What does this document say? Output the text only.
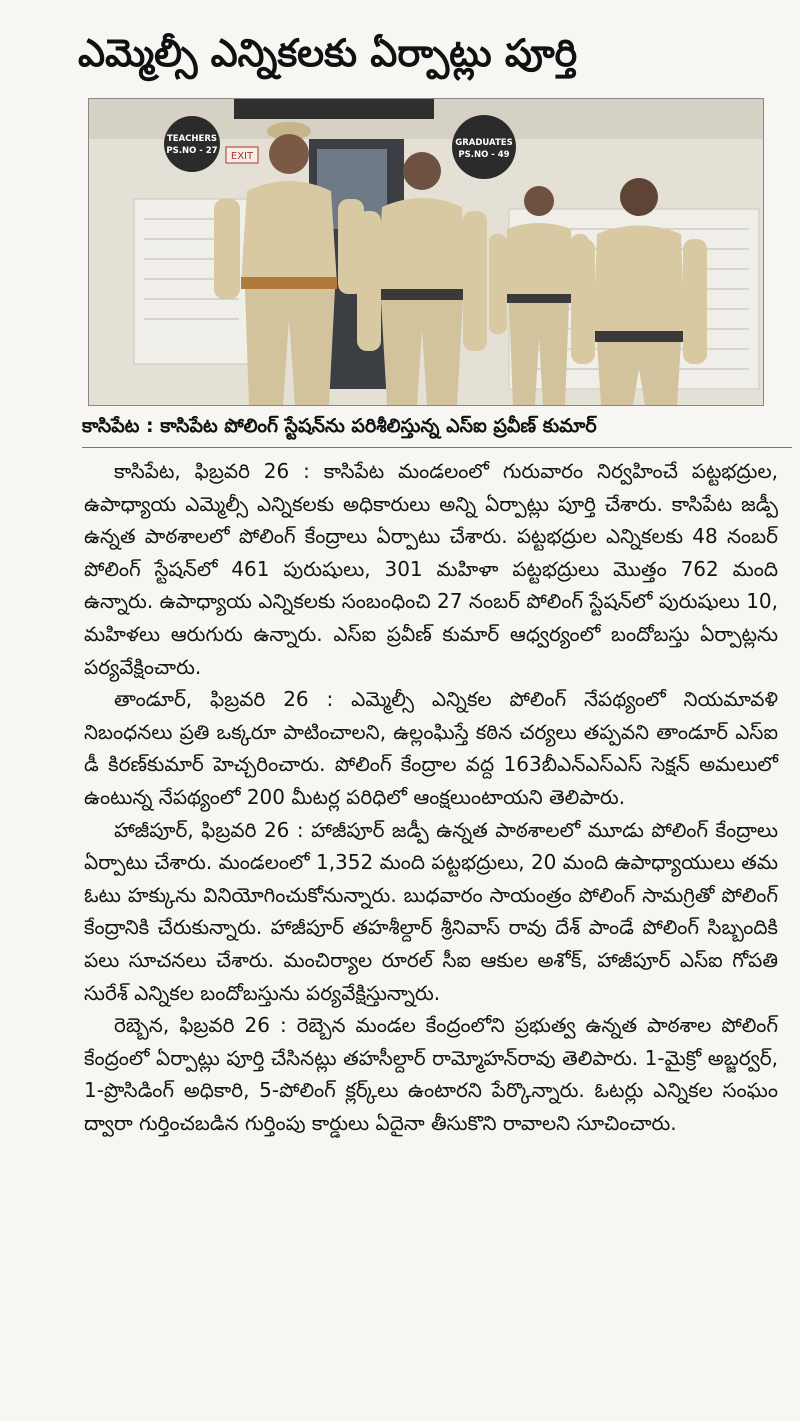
ఎమ్మెల్సీ ఎన్నికలకు ఏర్పాట్లు పూర్తి
EXIT
TEACHERS
PS.NO - 27
GRADUATES
PS.NO - 49
కాసిపేట : కాసిపేట పోలింగ్ స్టేషన్‌ను పరిశీలిస్తున్న ఎస్ఐ ప్రవీణ్ కుమార్

కాసిపేట, ఫిబ్రవరి 26 : కాసిపేట మండలంలో గురువారం నిర్వహించే పట్టభద్రుల, ఉపాధ్యాయ ఎమ్మెల్సీ ఎన్నికలకు అధికారులు అన్ని ఏర్పాట్లు పూర్తి చేశారు. కాసిపేట జడ్పీ ఉన్నత పాఠశాలలో పోలింగ్ కేంద్రాలు ఏర్పాటు చేశారు. పట్టభద్రుల ఎన్నికలకు 48 నంబర్ పోలింగ్ స్టేషన్‌లో 461 పురుషులు, 301 మహిళా పట్టభద్రులు మొత్తం 762 మంది ఉన్నారు. ఉపాధ్యాయ ఎన్నికలకు సంబంధించి 27 నంబర్ పోలింగ్ స్టేషన్‌లో పురుషులు 10, మహిళలు ఆరుగురు ఉన్నారు. ఎస్ఐ ప్రవీణ్ కుమార్ ఆధ్వర్యంలో బందోబస్తు ఏర్పాట్లను పర్యవేక్షించారు.

తాండూర్, ఫిబ్రవరి 26 : ఎమ్మెల్సీ ఎన్నికల పోలింగ్ నేపథ్యంలో నియమావళి నిబంధనలు ప్రతి ఒక్కరూ పాటించాలని, ఉల్లంఘిస్తే కఠిన చర్యలు తప్పవని తాండూర్ ఎస్ఐ డీ కిరణ్‌కుమార్ హెచ్చరించారు. పోలింగ్ కేంద్రాల వద్ద 163బీఎన్ఎస్ఎస్ సెక్షన్ అమలులో ఉంటున్న నేపథ్యంలో 200 మీటర్ల పరిధిలో ఆంక్షలుంటాయని తెలిపారు.

హాజీపూర్, ఫిబ్రవరి 26 : హాజీపూర్ జడ్పీ ఉన్నత పాఠశాలలో మూడు పోలింగ్ కేంద్రాలు ఏర్పాటు చేశారు. మండలంలో 1,352 మంది పట్టభద్రులు, 20 మంది ఉపాధ్యాయులు తమ ఓటు హక్కును వినియోగించుకోనున్నారు. బుధవారం సాయంత్రం పోలింగ్ సామగ్రితో పోలింగ్ కేంద్రానికి చేరుకున్నారు. హాజీపూర్ తహశీల్దార్ శ్రీనివాస్ రావు దేశ్ పాండే పోలింగ్ సిబ్బందికి పలు సూచనలు చేశారు. మంచిర్యాల రూరల్ సీఐ ఆకుల అశోక్, హాజీపూర్ ఎస్ఐ గోపతి సురేశ్ ఎన్నికల బందోబస్తును పర్యవేక్షిస్తున్నారు.

రెబ్బెన, ఫిబ్రవరి 26 : రెబ్బెన మండల కేంద్రంలోని ప్రభుత్వ ఉన్నత పాఠశాల పోలింగ్ కేంద్రంలో ఏర్పాట్లు పూర్తి చేసినట్లు తహసీల్దార్ రామ్మోహన్‌రావు తెలిపారు. 1-మైక్రో అబ్జర్వర్, 1-ప్రొసిడింగ్ అధికారి, 5-పోలింగ్ క్లర్క్‌లు ఉంటారని పేర్కొన్నారు. ఓటర్లు ఎన్నికల సంఘం ద్వారా గుర్తించబడిన గుర్తింపు కార్డులు ఏదైనా తీసుకొని రావాలని సూచించారు.
